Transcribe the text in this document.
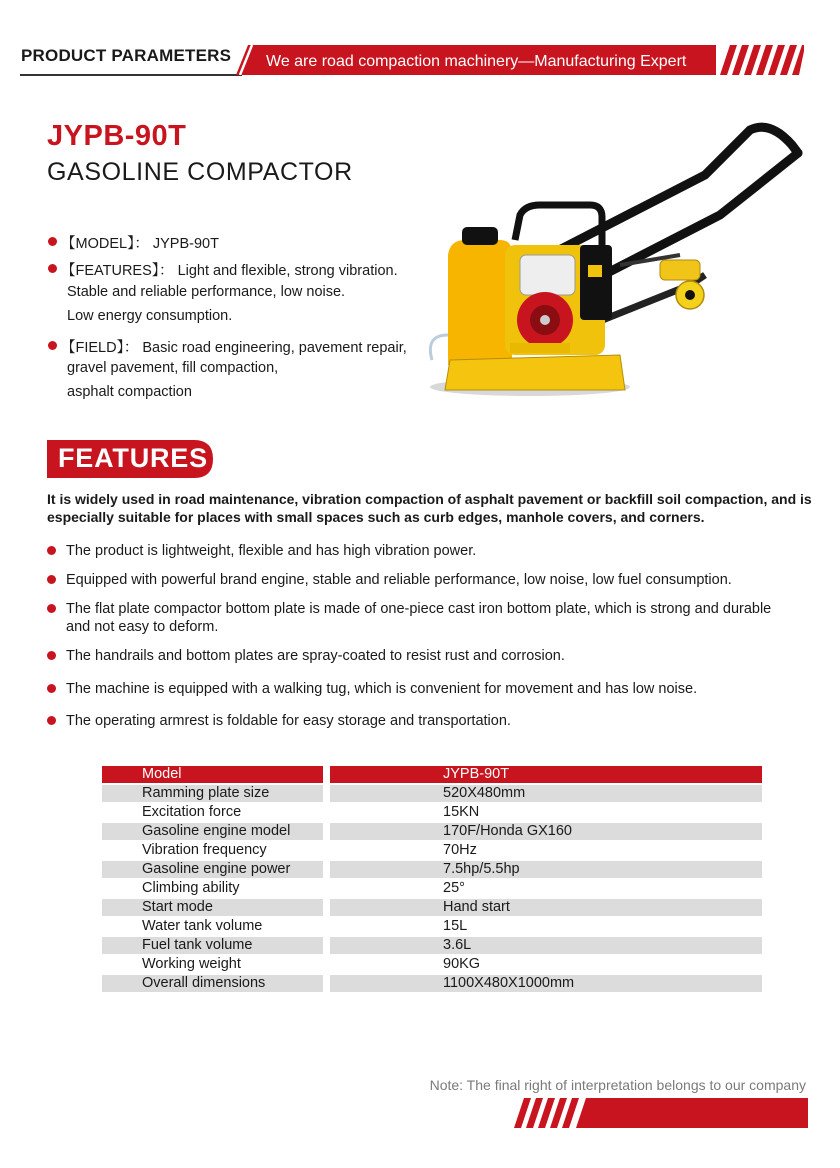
PRODUCT PARAMETERS We are road compaction machinery—Manufacturing Expert
JYPB-90T
GASOLINE COMPACTOR
【MODEL】： JYPB-90T
【FEATURES】： Light and flexible, strong vibration.
Stable and reliable performance, low noise.
Low energy consumption.
【FIELD】： Basic road engineering, pavement repair,
gravel pavement, fill compaction,
asphalt compaction
FEATURES
It is widely used in road maintenance, vibration compaction of asphalt pavement or backfill soil compaction, and is especially suitable for places with small spaces such as curb edges, manhole covers, and corners.
The product is lightweight, flexible and has high vibration power.
Equipped with powerful brand engine, stable and reliable performance, low noise, low fuel consumption.
The flat plate compactor bottom plate is made of one-piece cast iron bottom plate, which is strong and durable and not easy to deform.
The handrails and bottom plates are spray-coated to resist rust and corrosion.
The machine is equipped with a walking tug, which is convenient for movement and has low noise.
The operating armrest is foldable for easy storage and transportation.
Model	JYPB-90T
Ramming plate size	520X480mm
Excitation force	15KN
Gasoline engine model	170F/Honda GX160
Vibration frequency	70Hz
Gasoline engine power	7.5hp/5.5hp
Climbing ability	25°
Start mode	Hand start
Water tank volume	15L
Fuel tank volume	3.6L
Working weight	90KG
Overall dimensions	1100X480X1000mm
Note: The final right of interpretation belongs to our company
